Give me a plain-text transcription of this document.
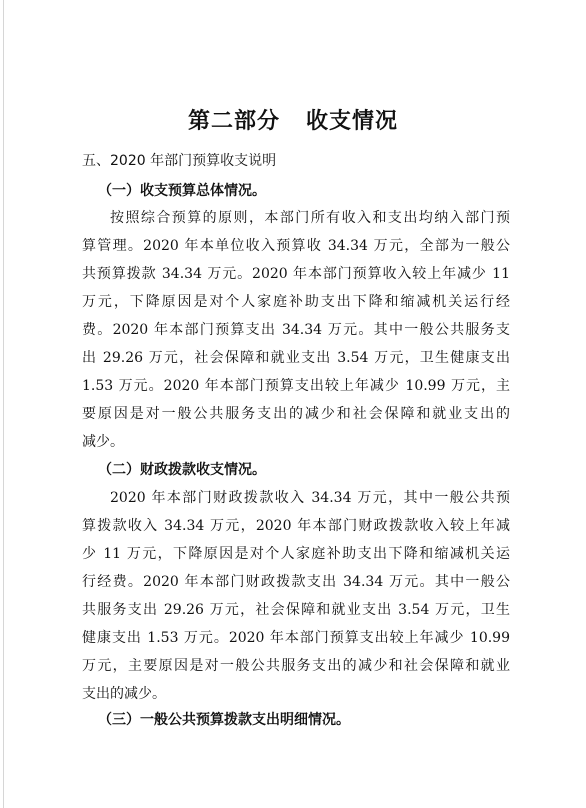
第二部分 收支情况
五、2020 年部门预算收支说明
（一）收支预算总体情况。
按照综合预算的原则，本部门所有收入和支出均纳入部门预
算管理。2020 年本单位收入预算收 34.34 万元，全部为一般公
共预算拨款 34.34 万元。2020 年本部门预算收入较上年减少 11
万元，下降原因是对个人家庭补助支出下降和缩减机关运行经
费。2020 年本部门预算支出 34.34 万元。其中一般公共服务支
出 29.26 万元，社会保障和就业支出 3.54 万元，卫生健康支出
1.53 万元。2020 年本部门预算支出较上年减少 10.99 万元，主
要原因是对一般公共服务支出的减少和社会保障和就业支出的
减少。
（二）财政拨款收支情况。
2020 年本部门财政拨款收入 34.34 万元，其中一般公共预
算拨款收入 34.34 万元，2020 年本部门财政拨款收入较上年减
少 11 万元，下降原因是对个人家庭补助支出下降和缩减机关运
行经费。2020 年本部门财政拨款支出 34.34 万元。其中一般公
共服务支出 29.26 万元，社会保障和就业支出 3.54 万元，卫生
健康支出 1.53 万元。2020 年本部门预算支出较上年减少 10.99
万元，主要原因是对一般公共服务支出的减少和社会保障和就业
支出的减少。
（三）一般公共预算拨款支出明细情况。
